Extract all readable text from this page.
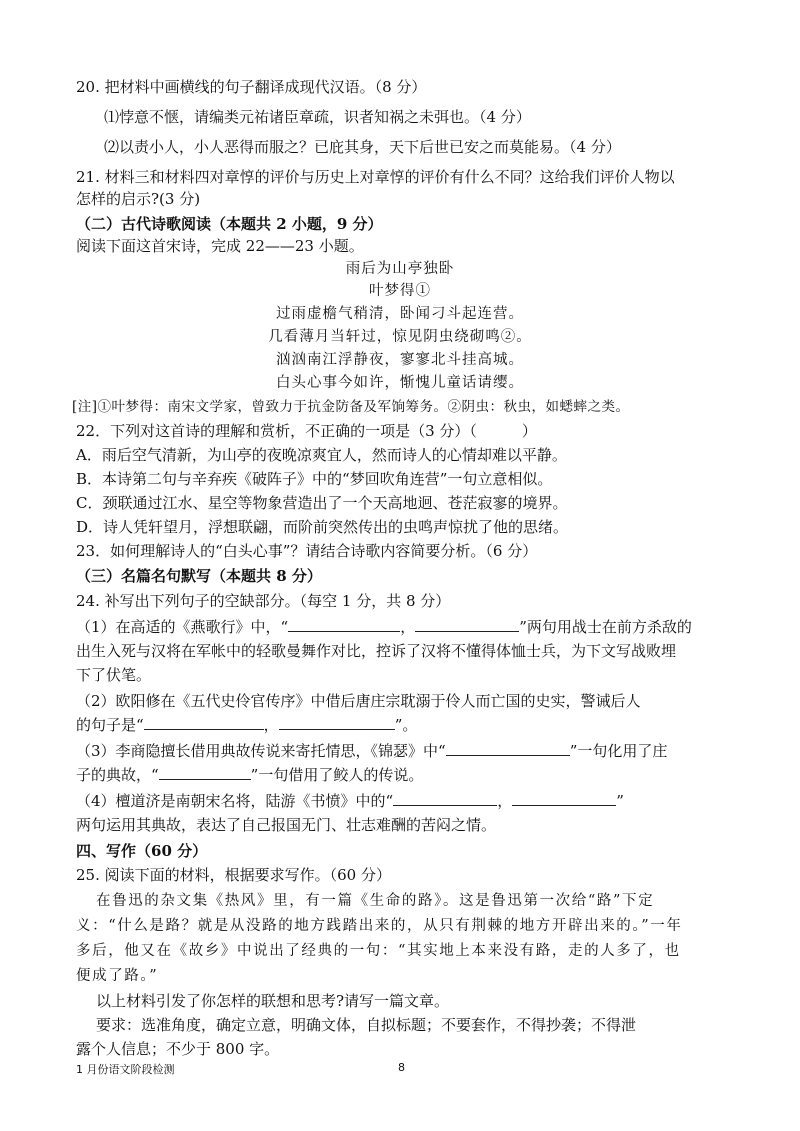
20. 把材料中画横线的句子翻译成现代汉语。（8 分）
⑴悖意不惬，请编类元祐诸臣章疏，识者知祸之未弭也。（4 分）
⑵以责小人，小人恶得而服之？已庇其身，天下后世已安之而莫能易。（4 分）
21. 材料三和材料四对章惇的评价与历史上对章惇的评价有什么不同？这给我们评价人物以
怎样的启示?(3 分)
（二）古代诗歌阅读（本题共 2 小题，9 分）
阅读下面这首宋诗，完成 22——23 小题。
雨后为山亭独卧
叶梦得①
过雨虚檐气稍清，卧闻刁斗起连营。
几看薄月当轩过，惊见阴虫绕砌鸣②。
汹汹南江浮静夜，寥寥北斗挂高城。
白头心事今如许，惭愧儿童话请缨。
[注]①叶梦得：南宋文学家，曾致力于抗金防备及军饷筹务。②阴虫：秋虫，如蟋蟀之类。
22．下列对这首诗的理解和赏析，不正确的一项是（3 分）（　　　）
A．雨后空气清新，为山亭的夜晚凉爽宜人，然而诗人的心情却难以平静。
B．本诗第二句与辛弃疾《破阵子》中的“梦回吹角连营”一句立意相似。
C．颈联通过江水、星空等物象营造出了一个天高地迥、苍茫寂寥的境界。
D．诗人凭轩望月，浮想联翩，而阶前突然传出的虫鸣声惊扰了他的思绪。
23．如何理解诗人的“白头心事”？请结合诗歌内容简要分析。（6 分）
（三）名篇名句默写（本题共 8 分）
24. 补写出下列句子的空缺部分。（每空 1 分，共 8 分）
（1）在高适的《燕歌行》中，“	，	”两句用战士在前方杀敌的
出生入死与汉将在军帐中的轻歌曼舞作对比，控诉了汉将不懂得体恤士兵，为下文写战败埋
下了伏笔。
（2）欧阳修在《五代史伶官传序》中借后唐庄宗耽溺于伶人而亡国的史实，警诫后人
的句子是“	，	”。
（3）李商隐擅长借用典故传说来寄托情思，《锦瑟》中“	”一句化用了庄
子的典故，“	”一句借用了鲛人的传说。
（4）檀道济是南朝宋名将，陆游《书愤》中的“	，	”
两句运用其典故，表达了自己报国无门、壮志难酬的苦闷之情。
四、写作（60 分）
25. 阅读下面的材料，根据要求写作。（60 分）
在鲁迅的杂文集《热风》里，有一篇《生命的路》。这是鲁迅第一次给“路”下定
义：“什么是路？就是从没路的地方践踏出来的，从只有荆棘的地方开辟出来的。”一年
多后，他又在《故乡》中说出了经典的一句：“其实地上本来没有路，走的人多了，也
便成了路。”
以上材料引发了你怎样的联想和思考?请写一篇文章。
要求：选准角度，确定立意，明确文体，自拟标题；不要套作，不得抄袭；不得泄
露个人信息；不少于 800 字。
1 月份语文阶段检测	8
